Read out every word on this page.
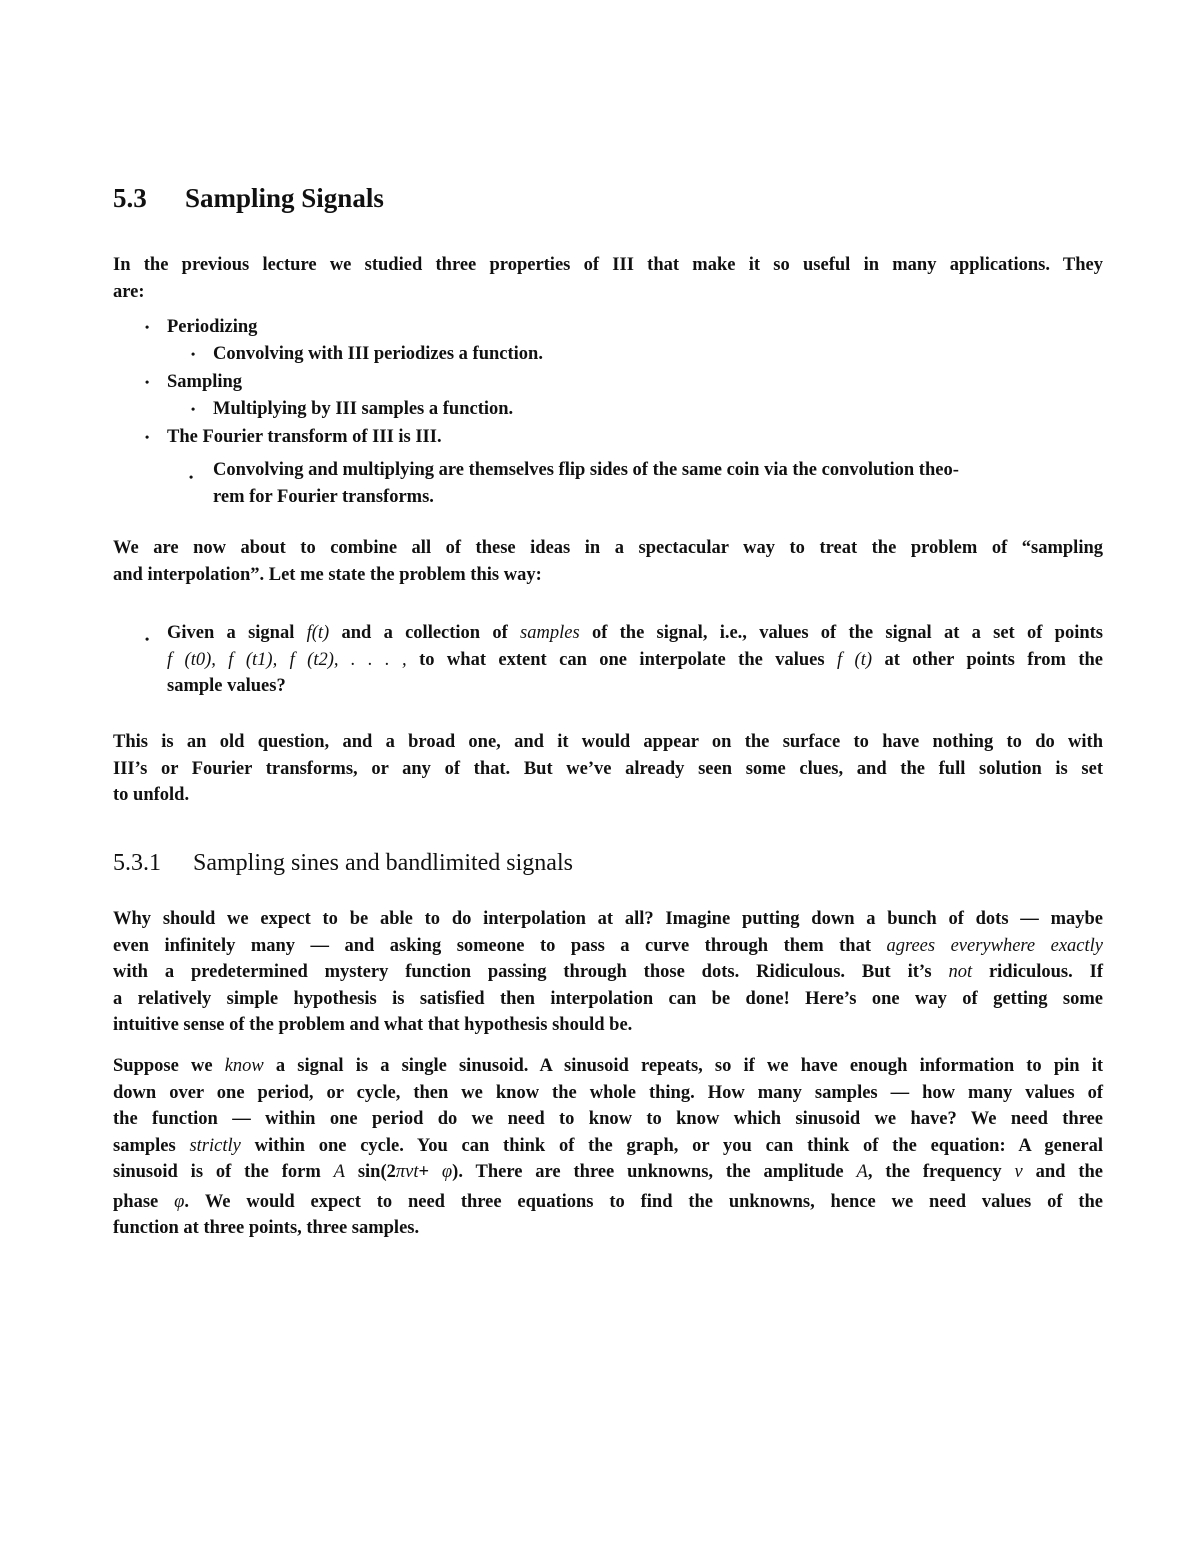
5.3 Sampling Signals
In the previous lecture we studied three properties of III that make it so useful in many applications. They
are:
• Periodizing
• Convolving with III periodizes a function.
• Sampling
• Multiplying by III samples a function.
• The Fourier transform of III is III.
• Convolving and multiplying are themselves flip sides of the same coin via the convolution theo-
rem for Fourier transforms.
We are now about to combine all of these ideas in a spectacular way to treat the problem of “sampling
and interpolation”. Let me state the problem this way:
• Given a signal f(t) and a collection of samples of the signal, i.e., values of the signal at a set of points
f (t0), f (t1), f (t2), . . . , to what extent can one interpolate the values f (t) at other points from the
sample values?
This is an old question, and a broad one, and it would appear on the surface to have nothing to do with
III’s or Fourier transforms, or any of that. But we’ve already seen some clues, and the full solution is set
to unfold.
5.3.1 Sampling sines and bandlimited signals
Why should we expect to be able to do interpolation at all? Imagine putting down a bunch of dots — maybe
even infinitely many — and asking someone to pass a curve through them that agrees everywhere exactly
with a predetermined mystery function passing through those dots. Ridiculous. But it’s not ridiculous. If
a relatively simple hypothesis is satisfied then interpolation can be done! Here’s one way of getting some
intuitive sense of the problem and what that hypothesis should be.
Suppose we know a signal is a single sinusoid. A sinusoid repeats, so if we have enough information to pin it
down over one period, or cycle, then we know the whole thing. How many samples — how many values of
the function — within one period do we need to know to know which sinusoid we have? We need three
samples strictly within one cycle. You can think of the graph, or you can think of the equation: A general
sinusoid is of the form A sin(2πνt+ φ). There are three unknowns, the amplitude A, the frequency ν and the
phase φ. We would expect to need three equations to find the unknowns, hence we need values of the
function at three points, three samples.
